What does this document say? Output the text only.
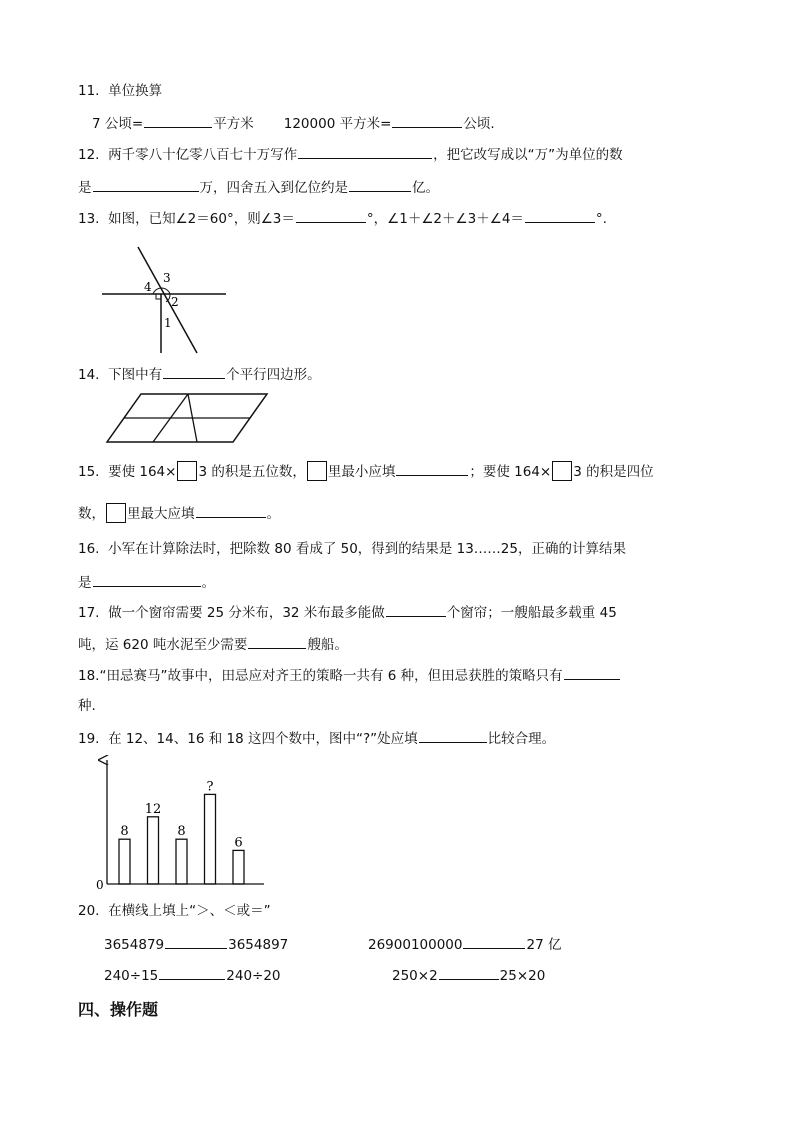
11. 单位换算
7 公顷=	平方米 120000 平方米=	公顷.
12. 两千零八十亿零八百七十万写作	，把它改写成以“万”为单位的数
是	万，四舍五入到亿位约是	亿。
13. 如图，已知∠2＝60°，则∠3＝	°，∠1＋∠2＋∠3＋∠4＝	°.
3
4
2
1
14. 下图中有	个平行四边形。
15. 要使 164× 3 的积是五位数， 里最小应填	；要使 164× 3 的积是四位
数， 里最大应填	。
16. 小军在计算除法时，把除数 80 看成了 50，得到的结果是 13……25，正确的计算结果
是	。
17. 做一个窗帘需要 25 分米布，32 米布最多能做	个窗帘；一艘船最多载重 45
吨，运 620 吨水泥至少需要	艘船。
18.“田忌赛马”故事中，田忌应对齐王的策略一共有 6 种，但田忌获胜的策略只有
种.
19. 在 12、14、16 和 18 这四个数中，图中“?”处应填	比较合理。
0
8
12
8
?
6
20. 在横线上填上“＞、＜或＝”
3654879	3654897	26900100000	27 亿
240÷15	240÷20	250×2	25×20
四、操作题
